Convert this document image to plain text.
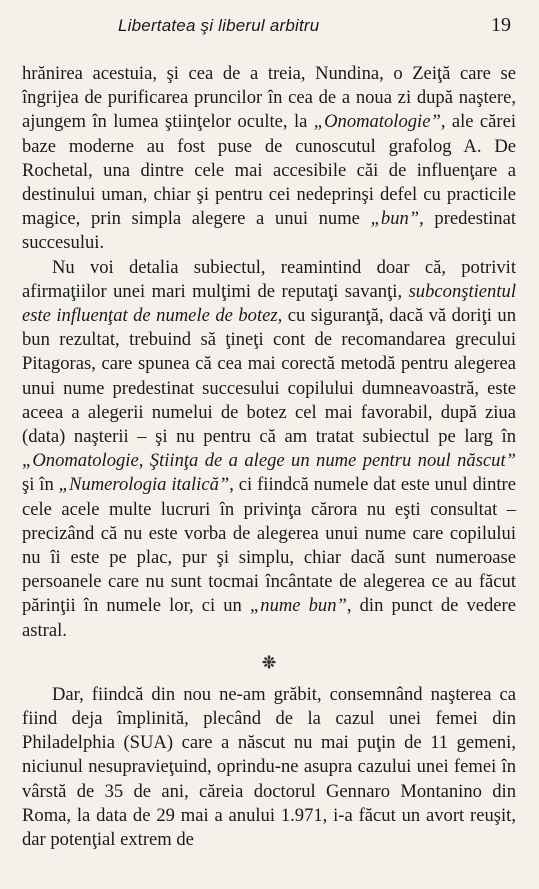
Libertatea şi liberul arbitru	19

hrănirea acestuia, şi cea de a treia, Nundina, o Zeiţă care se îngrijea de purificarea pruncilor în cea de a noua zi după naştere, ajungem în lumea ştiinţelor oculte, la „Onomatologie”, ale cărei baze moderne au fost puse de cunoscutul grafolog A. De Rochetal, una dintre cele mai accesibile căi de influenţare a destinului uman, chiar şi pentru cei nedeprinşi defel cu practicile magice, prin simpla alegere a unui nume „bun”, predestinat succesului.

Nu voi detalia subiectul, reamintind doar că, potrivit afirmaţiilor unei mari mulţimi de reputaţi savanţi, subconştientul este influenţat de numele de botez, cu siguranţă, dacă vă doriţi un bun rezultat, trebuind să ţineţi cont de recomandarea grecului Pitagoras, care spunea că cea mai corectă metodă pentru alegerea unui nume predestinat succesului copilului dumneavoastră, este aceea a alegerii numelui de botez cel mai favorabil, după ziua (data) naşterii – şi nu pentru că am tratat subiectul pe larg în „Onomatologie, Ştiinţa de a alege un nume pentru noul născut” şi în „Numerologia italică”, ci fiindcă numele dat este unul dintre cele acele multe lucruri în privinţa cărora nu eşti consultat – precizând că nu este vorba de alegerea unui nume care copilului nu îi este pe plac, pur şi simplu, chiar dacă sunt numeroase persoanele care nu sunt tocmai încântate de alegerea ce au făcut părinţii în numele lor, ci un „nume bun”, din punct de vedere astral.

Dar, fiindcă din nou ne-am grăbit, consemnând naşterea ca fiind deja împlinită, plecând de la cazul unei femei din Philadelphia (SUA) care a născut nu mai puţin de 11 gemeni, niciunul nesupravieţuind, oprindu-ne asupra cazului unei femei în vârstă de 35 de ani, căreia doctorul Gennaro Montanino din Roma, la data de 29 mai a anului 1.971, i-a făcut un avort reuşit, dar potenţial extrem de
